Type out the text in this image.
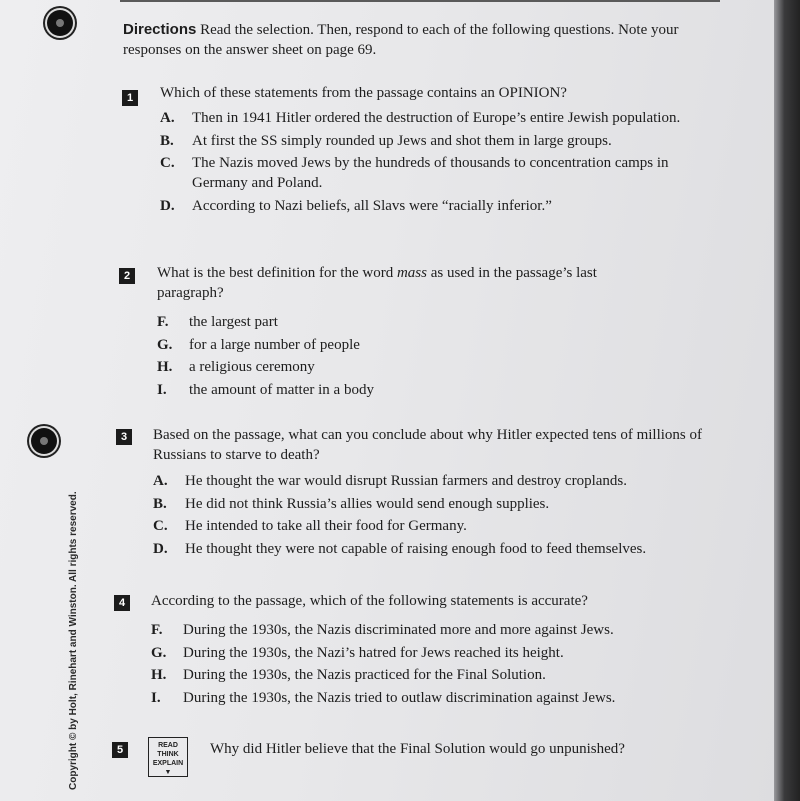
Directions Read the selection. Then, respond to each of the following questions. Note your responses on the answer sheet on page 69.
1	Which of these statements from the passage contains an OPINION?
A.	Then in 1941 Hitler ordered the destruction of Europe’s entire Jewish population.
B.	At first the SS simply rounded up Jews and shot them in large groups.
C.	The Nazis moved Jews by the hundreds of thousands to concentration camps in Germany and Poland.
D.	According to Nazi beliefs, all Slavs were “racially inferior.”
2	What is the best definition for the word mass as used in the passage’s last paragraph?
F.	the largest part
G.	for a large number of people
H.	a religious ceremony
I.	the amount of matter in a body
3	Based on the passage, what can you conclude about why Hitler expected tens of millions of Russians to starve to death?
A.	He thought the war would disrupt Russian farmers and destroy croplands.
B.	He did not think Russia’s allies would send enough supplies.
C.	He intended to take all their food for Germany.
D.	He thought they were not capable of raising enough food to feed themselves.
4	According to the passage, which of the following statements is accurate?
F.	During the 1930s, the Nazis discriminated more and more against Jews.
G.	During the 1930s, the Nazi’s hatred for Jews reached its height.
H.	During the 1930s, the Nazis practiced for the Final Solution.
I.	During the 1930s, the Nazis tried to outlaw discrimination against Jews.
5	READ
THINK
EXPLAIN
▼
Why did Hitler believe that the Final Solution would go unpunished?
Copyright © by Holt, Rinehart and Winston. All rights reserved.
